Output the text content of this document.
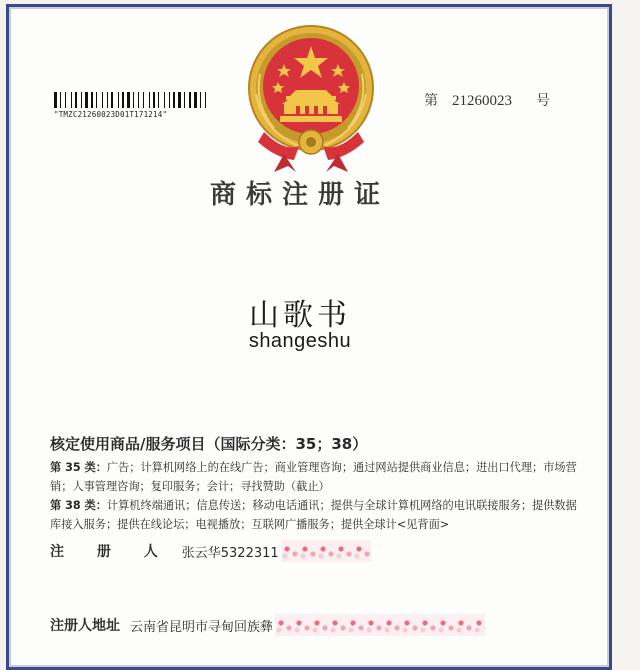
"TMZC21260023D01T171214"
第 21260023 号
商标注册证
山歌书
shangeshu
核定使用商品/服务项目（国际分类：35；38）
第 35 类：广告；计算机网络上的在线广告；商业管理咨询；通过网站提供商业信息；进出口代理；市场营销；人事管理咨询；复印服务；会计；寻找赞助（截止）
第 38 类：计算机终端通讯；信息传送；移动电话通讯；提供与全球计算机网络的电讯联接服务；提供数据库接入服务；提供在线论坛；电视播放；互联网广播服务；提供全球计<见背面>
注 册 人 张云华5322311
注册人地址 云南省昆明市寻甸回族彝
